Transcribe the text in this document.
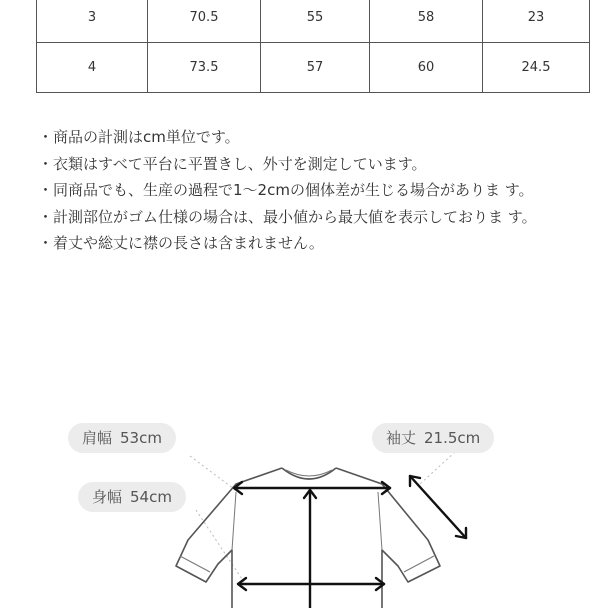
3	70.5	55	58	23
4	73.5	57	60	24.5
・商品の計測はcm単位です。
・衣類はすべて平台に平置きし、外寸を測定しています。
・同商品でも、生産の過程で1〜2cmの個体差が生じる場合がありま す。
・計測部位がゴム仕様の場合は、最小値から最大値を表示しておりま す。
・着丈や総丈に襟の長さは含まれません。
肩幅 53cm
身幅 54cm
袖丈 21.5cm
